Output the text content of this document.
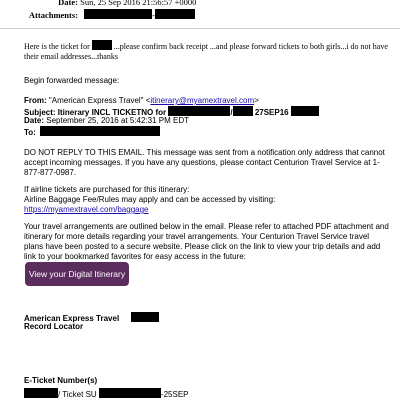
Date: Sun, 25 Sep 2016 21:56:57 +0000
Attachments:	-
Here is the ticket for	...please confirm back receipt ...and please forward tickets to both girls...i do not have their email addresses...thanks
Begin forwarded message:
From: "American Express Travel" <itinerary@myamextravel.com>
Subject: Itinerary INCL TICKETNO for	/	27SEP16
Date: September 25, 2016 at 5:42:31 PM EDT
To:
DO NOT REPLY TO THIS EMAIL. This message was sent from a notification only address that cannot accept incoming messages. If you have any questions, please contact Centurion Travel Service at 1-877-877-0987.
If airline tickets are purchased for this itinerary:
Airline Baggage Fee/Rules may apply and can be accessed by visiting:
https://myamextravel.com/baggage
Your travel arrangements are outlined below in the email. Please refer to attached PDF attachment and itinerary for more details regarding your travel arrangements. Your Centurion Travel Service travel plans have been posted to a secure website. Please click on the link to view your trip details and add link to your bookmarked favorites for easy access in the future:
View your Digital Itinerary
American Express Travel
Record Locator
E-Ticket Number(s)
/ Ticket SU	-25SEP
